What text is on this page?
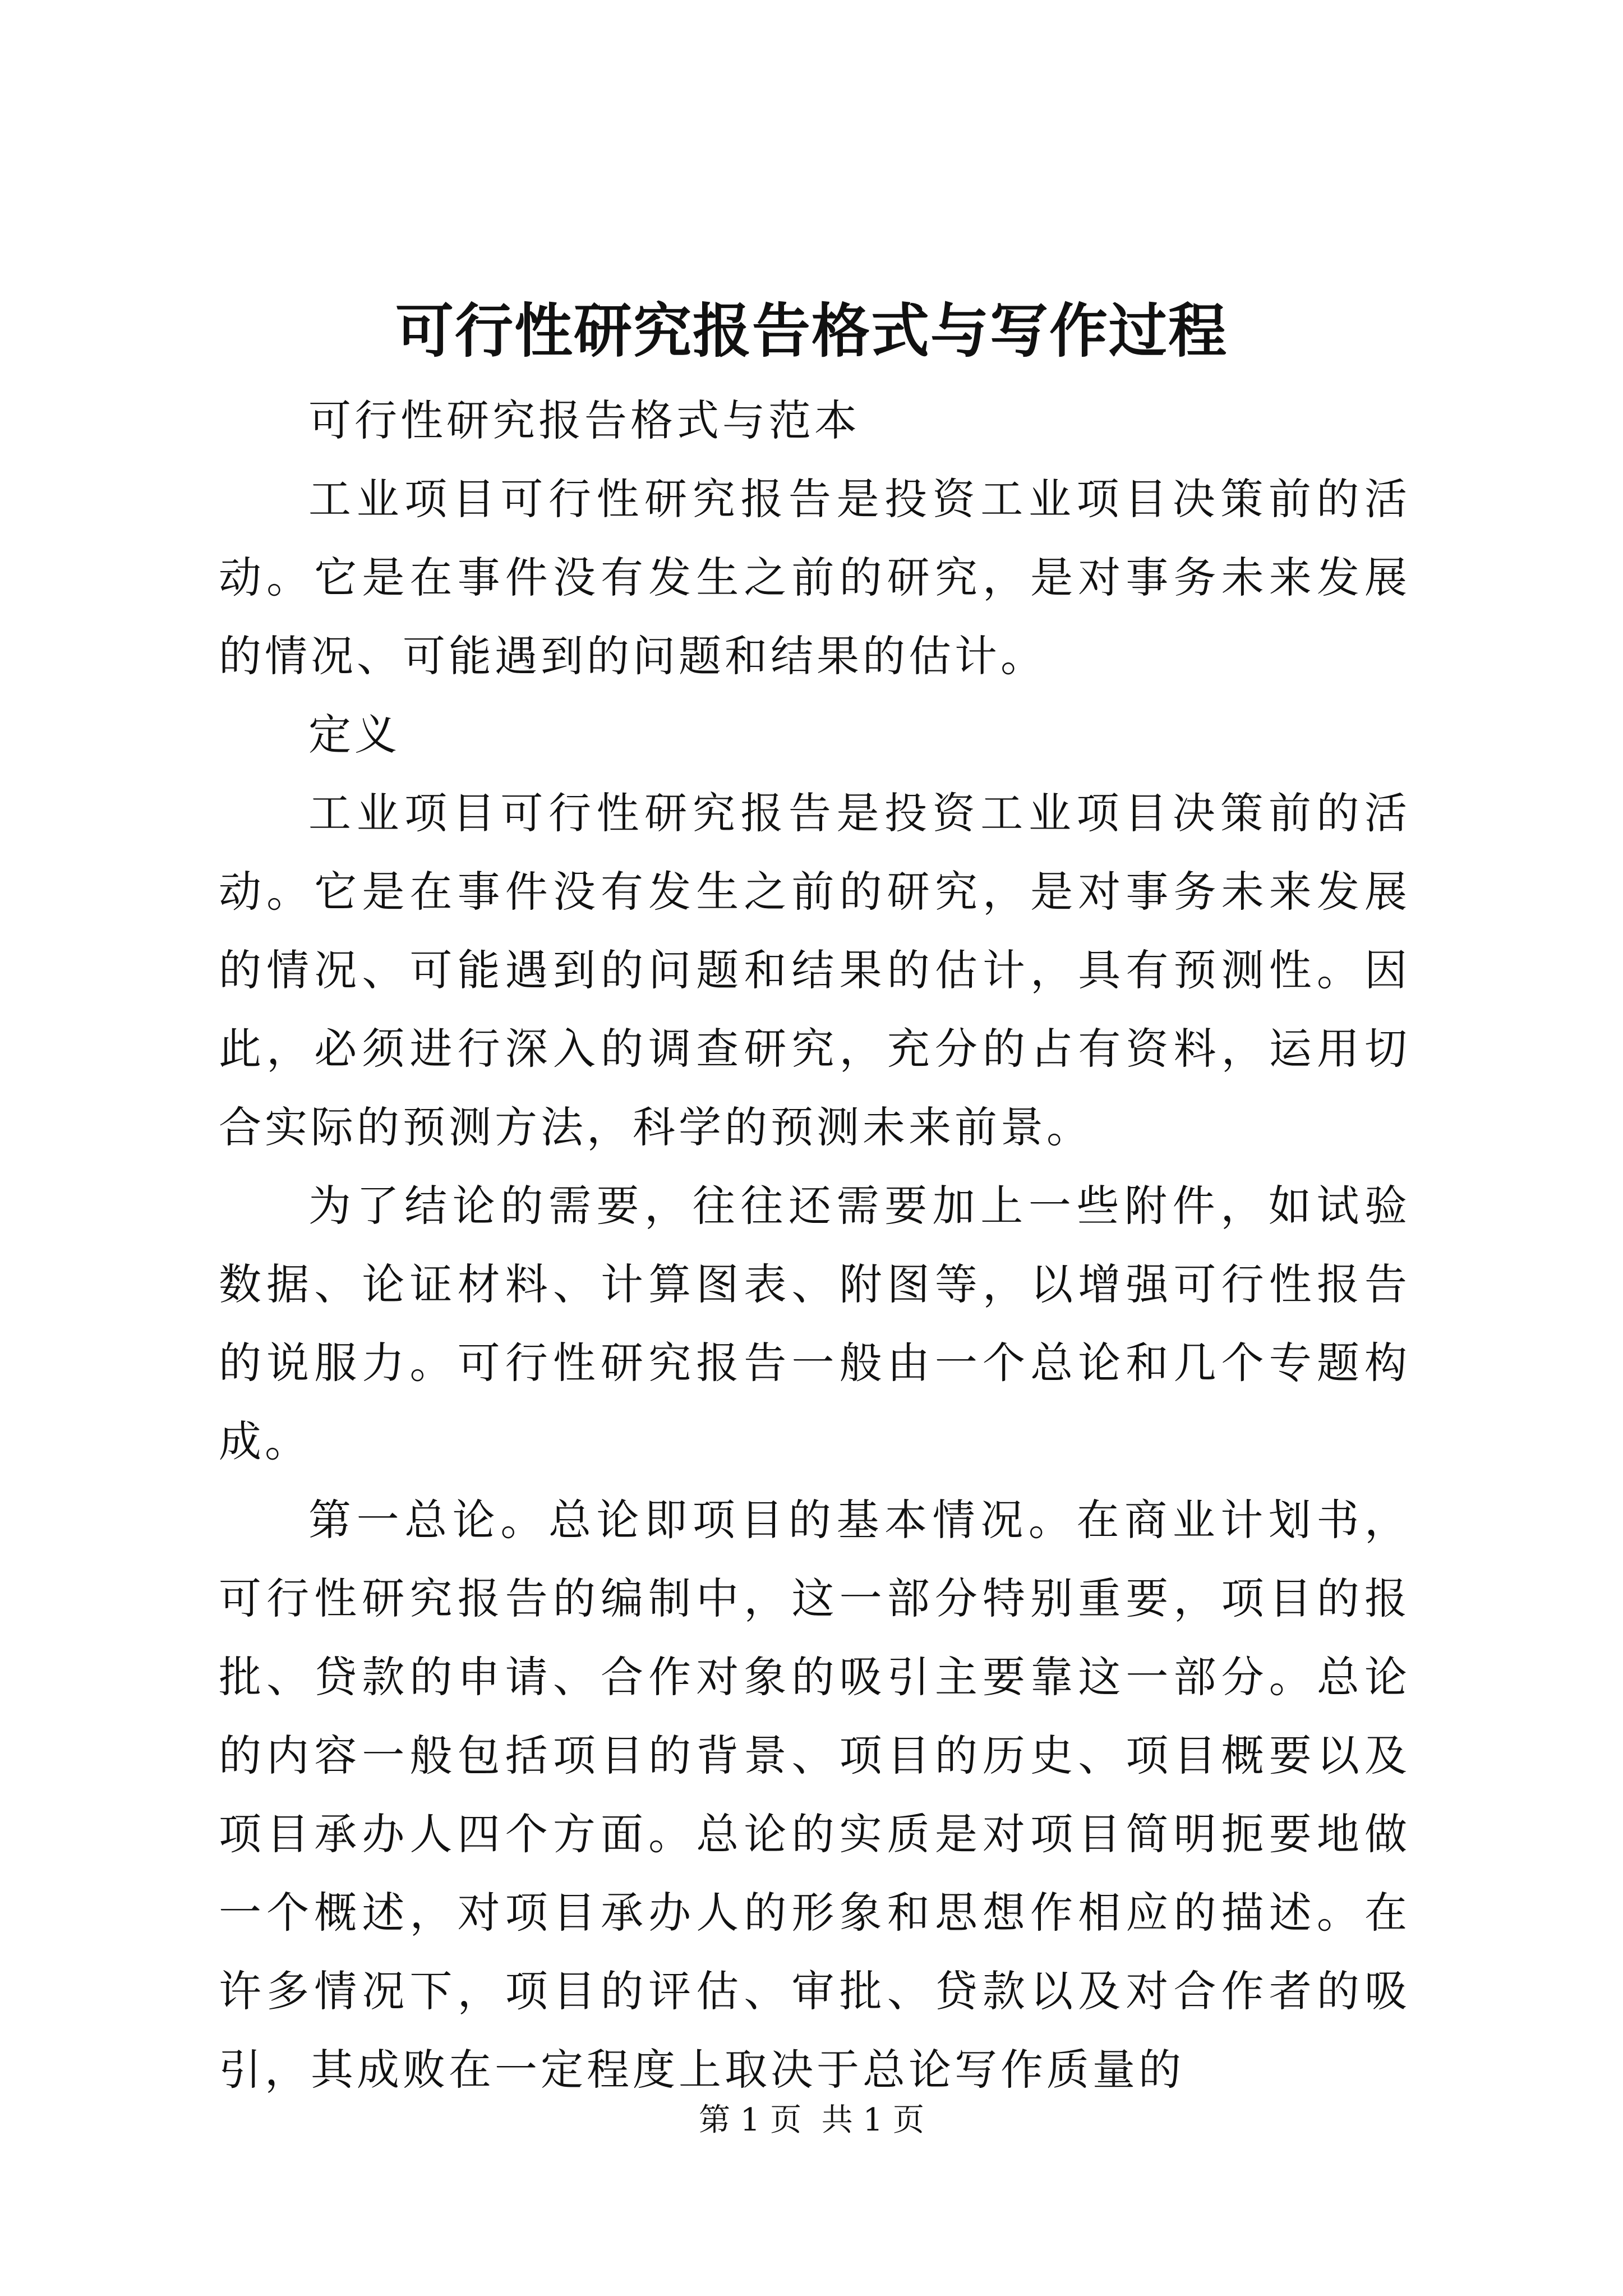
可行性研究报告格式与写作过程

可行性研究报告格式与范本

工业项目可行性研究报告是投资工业项目决策前的活动。它是在事件没有发生之前的研究，是对事务未来发展的情况、可能遇到的问题和结果的估计。

定义

工业项目可行性研究报告是投资工业项目决策前的活动。它是在事件没有发生之前的研究，是对事务未来发展的情况、可能遇到的问题和结果的估计，具有预测性。因此，必须进行深入的调查研究，充分的占有资料，运用切合实际的预测方法，科学的预测未来前景。

为了结论的需要，往往还需要加上一些附件，如试验数据、论证材料、计算图表、附图等，以增强可行性报告的说服力。可行性研究报告一般由一个总论和几个专题构成。

第一总论。总论即项目的基本情况。在商业计划书，可行性研究报告的编制中，这一部分特别重要，项目的报批、贷款的申请、合作对象的吸引主要靠这一部分。总论的内容一般包括项目的背景、项目的历史、项目概要以及项目承办人四个方面。总论的实质是对项目简明扼要地做一个概述，对项目承办人的形象和思想作相应的描述。在许多情况下，项目的评估、审批、贷款以及对合作者的吸引，其成败在一定程度上取决于总论写作质量的

第 1 页  共 1 页
